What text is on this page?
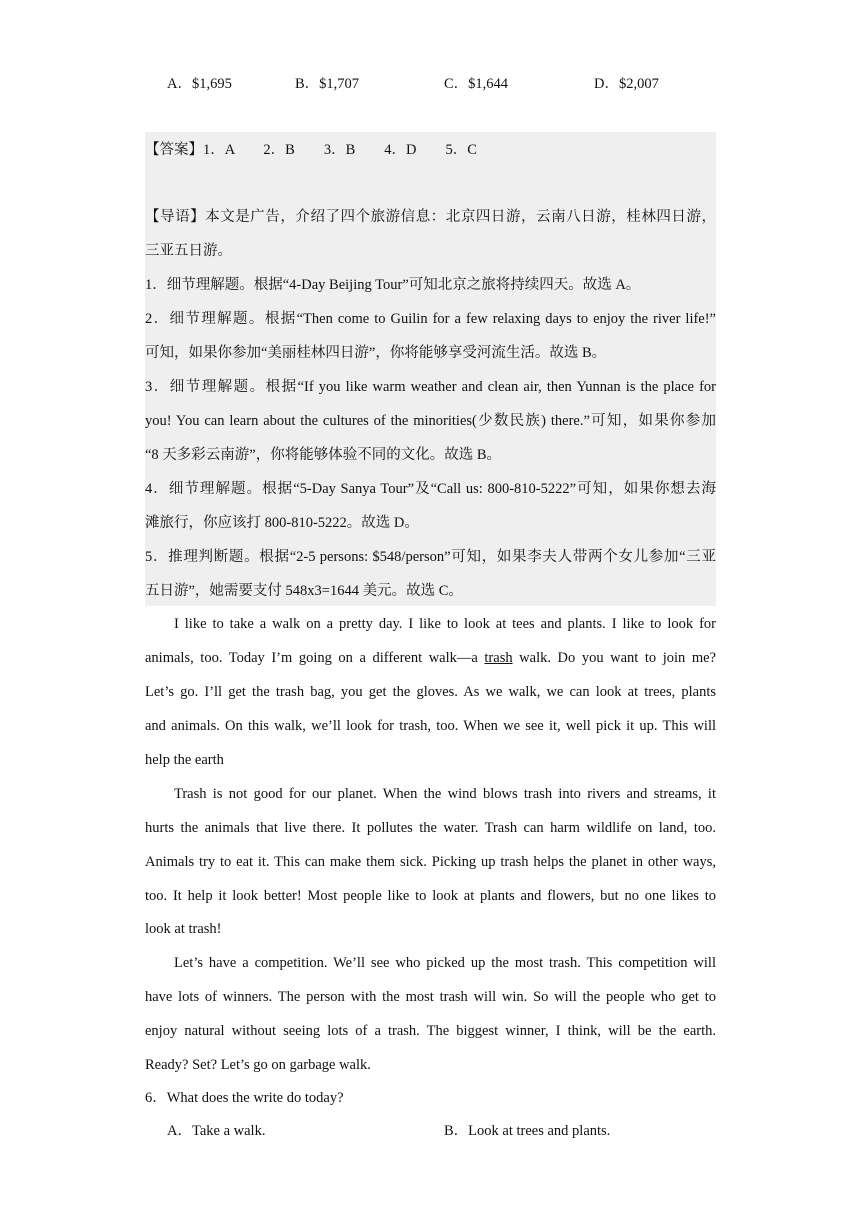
A．$1,695	B．$1,707	C．$1,644	D．$2,007
【答案】1．A　　2．B　　3．B　　4．D　　5．C
【导语】本文是广告，介绍了四个旅游信息：北京四日游，云南八日游，桂林四日游，
三亚五日游。
1．细节理解题。根据“4-Day Beijing Tour”可知北京之旅将持续四天。故选 A。
2．细节理解题。根据“Then come to Guilin for a few relaxing days to enjoy the river life!”
可知，如果你参加“美丽桂林四日游”，你将能够享受河流生活。故选 B。
3．细节理解题。根据“If you like warm weather and clean air, then Yunnan is the place for
you! You can learn about the cultures of the minorities(少数民族) there.”可知，如果你参加
“8 天多彩云南游”，你将能够体验不同的文化。故选 B。
4．细节理解题。根据“5-Day Sanya Tour”及“Call us: 800-810-5222”可知，如果你想去海
滩旅行，你应该打 800-810-5222。故选 D。
5．推理判断题。根据“2-5 persons: $548/person”可知，如果李夫人带两个女儿参加“三亚
五日游”，她需要支付 548x3=1644 美元。故选 C。
I like to take a walk on a pretty day. I like to look at tees and plants. I like to look for
animals, too. Today I’m going on a different walk—a trash walk. Do you want to join me?
Let’s go. I’ll get the trash bag, you get the gloves. As we walk, we can look at trees, plants
and animals. On this walk, we’ll look for trash, too. When we see it, well pick it up. This will
help the earth
Trash is not good for our planet. When the wind blows trash into rivers and streams, it
hurts the animals that live there. It pollutes the water. Trash can harm wildlife on land, too.
Animals try to eat it. This can make them sick. Picking up trash helps the planet in other ways,
too. It help it look better! Most people like to look at plants and flowers, but no one likes to
look at trash!
Let’s have a competition. We’ll see who picked up the most trash. This competition will
have lots of winners. The person with the most trash will win. So will the people who get to
enjoy natural without seeing lots of a trash. The biggest winner, I think, will be the earth.
Ready? Set? Let’s go on garbage walk.
6．What does the write do today?
A．Take a walk.	B．Look at trees and plants.
